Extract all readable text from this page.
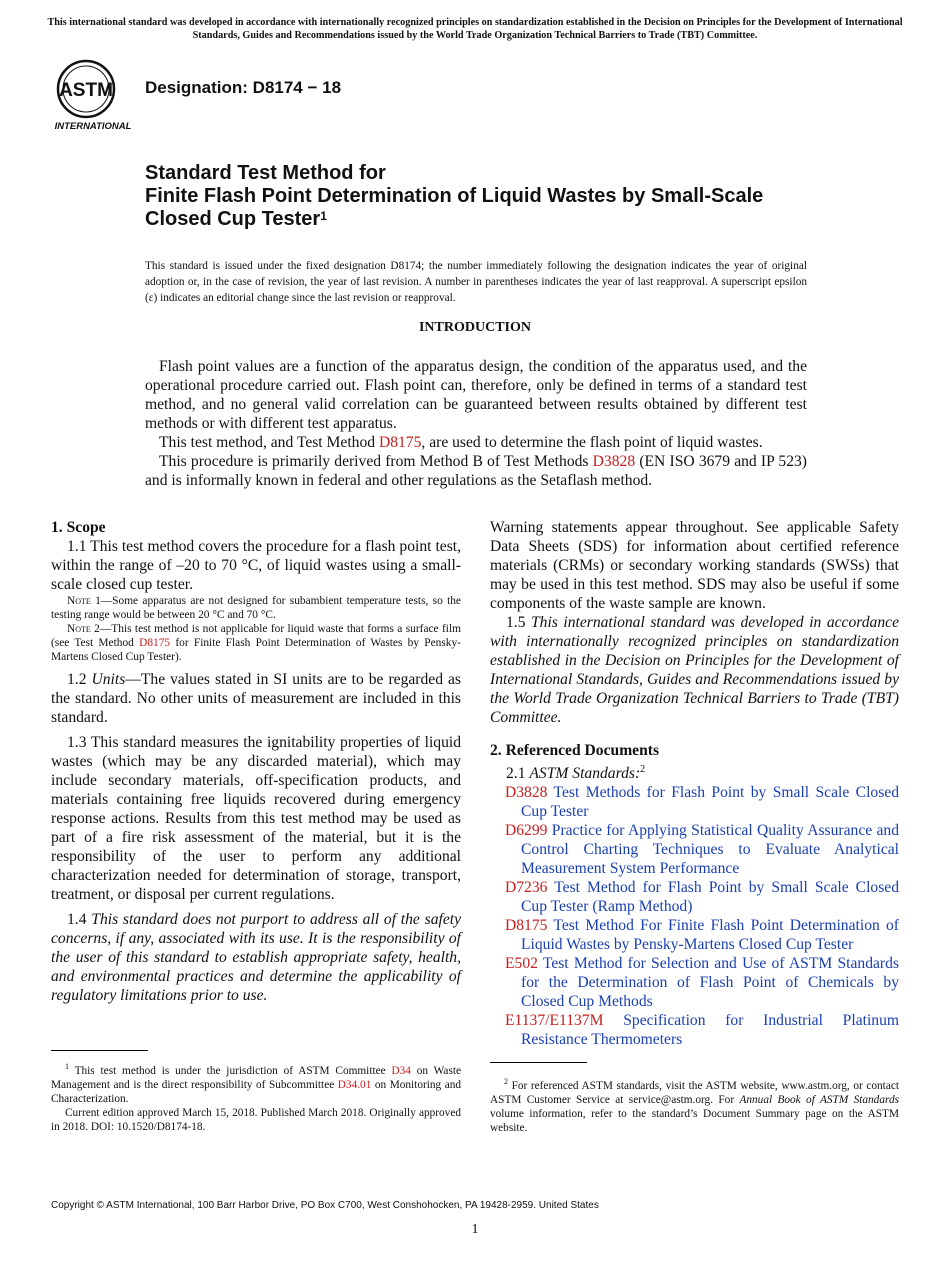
This international standard was developed in accordance with internationally recognized principles on standardization established in the Decision on Principles for the Development of International Standards, Guides and Recommendations issued by the World Trade Organization Technical Barriers to Trade (TBT) Committee.
ASTM
INTERNATIONAL
Designation: D8174 − 18
Standard Test Method for
Finite Flash Point Determination of Liquid Wastes by Small-Scale Closed Cup Tester$^1$
This standard is issued under the fixed designation D8174; the number immediately following the designation indicates the year of original adoption or, in the case of revision, the year of last revision. A number in parentheses indicates the year of last reapproval. A superscript epsilon (ε) indicates an editorial change since the last revision or reapproval.
INTRODUCTION

Flash point values are a function of the apparatus design, the condition of the apparatus used, and the operational procedure carried out. Flash point can, therefore, only be defined in terms of a standard test method, and no general valid correlation can be guaranteed between results obtained by different test methods or with different test apparatus.

This test method, and Test Method D8175, are used to determine the flash point of liquid wastes.

This procedure is primarily derived from Method B of Test Methods D3828 (EN ISO 3679 and IP 523) and is informally known in federal and other regulations as the Setaflash method.

1. Scope

1.1 This test method covers the procedure for a flash point test, within the range of –20 to 70 °C, of liquid wastes using a small-scale closed cup tester.

Note 1—Some apparatus are not designed for subambient temperature tests, so the testing range would be between 20 °C and 70 °C.

Note 2—This test method is not applicable for liquid waste that forms a surface film (see Test Method D8175 for Finite Flash Point Determination of Wastes by Pensky-Martens Closed Cup Tester).

1.2 Units—The values stated in SI units are to be regarded as the standard. No other units of measurement are included in this standard.

1.3 This standard measures the ignitability properties of liquid wastes (which may be any discarded material), which may include secondary materials, off-specification products, and materials containing free liquids recovered during emergency response actions. Results from this test method may be used as part of a fire risk assessment of the material, but it is the responsibility of the user to perform any additional characterization needed for determination of storage, transport, treatment, or disposal per current regulations.

1.4 This standard does not purport to address all of the safety concerns, if any, associated with its use. It is the responsibility of the user of this standard to establish appropriate safety, health, and environmental practices and determine the applicability of regulatory limitations prior to use.

Warning statements appear throughout. See applicable Safety Data Sheets (SDS) for information about certified reference materials (CRMs) or secondary working standards (SWSs) that may be used in this test method. SDS may also be useful if some components of the waste sample are known.

1.5 This international standard was developed in accordance with internationally recognized principles on standardization established in the Decision on Principles for the Development of International Standards, Guides and Recommendations issued by the World Trade Organization Technical Barriers to Trade (TBT) Committee.

2. Referenced Documents

2.1 ASTM Standards:$^2$

D3828 Test Methods for Flash Point by Small Scale Closed Cup Tester

D6299 Practice for Applying Statistical Quality Assurance and Control Charting Techniques to Evaluate Analytical Measurement System Performance

D7236 Test Method for Flash Point by Small Scale Closed Cup Tester (Ramp Method)

D8175 Test Method For Finite Flash Point Determination of Liquid Wastes by Pensky-Martens Closed Cup Tester

E502 Test Method for Selection and Use of ASTM Standards for the Determination of Flash Point of Chemicals by Closed Cup Methods

E1137/E1137M Specification for Industrial Platinum Resistance Thermometers

$^1$ This test method is under the jurisdiction of ASTM Committee D34 on Waste Management and is the direct responsibility of Subcommittee D34.01 on Monitoring and Characterization.

Current edition approved March 15, 2018. Published March 2018. Originally approved in 2018. DOI: 10.1520/D8174-18.

$^2$ For referenced ASTM standards, visit the ASTM website, www.astm.org, or contact ASTM Customer Service at service@astm.org. For Annual Book of ASTM Standards volume information, refer to the standard’s Document Summary page on the ASTM website.

Copyright © ASTM International, 100 Barr Harbor Drive, PO Box C700, West Conshohocken, PA 19428-2959. United States
1
